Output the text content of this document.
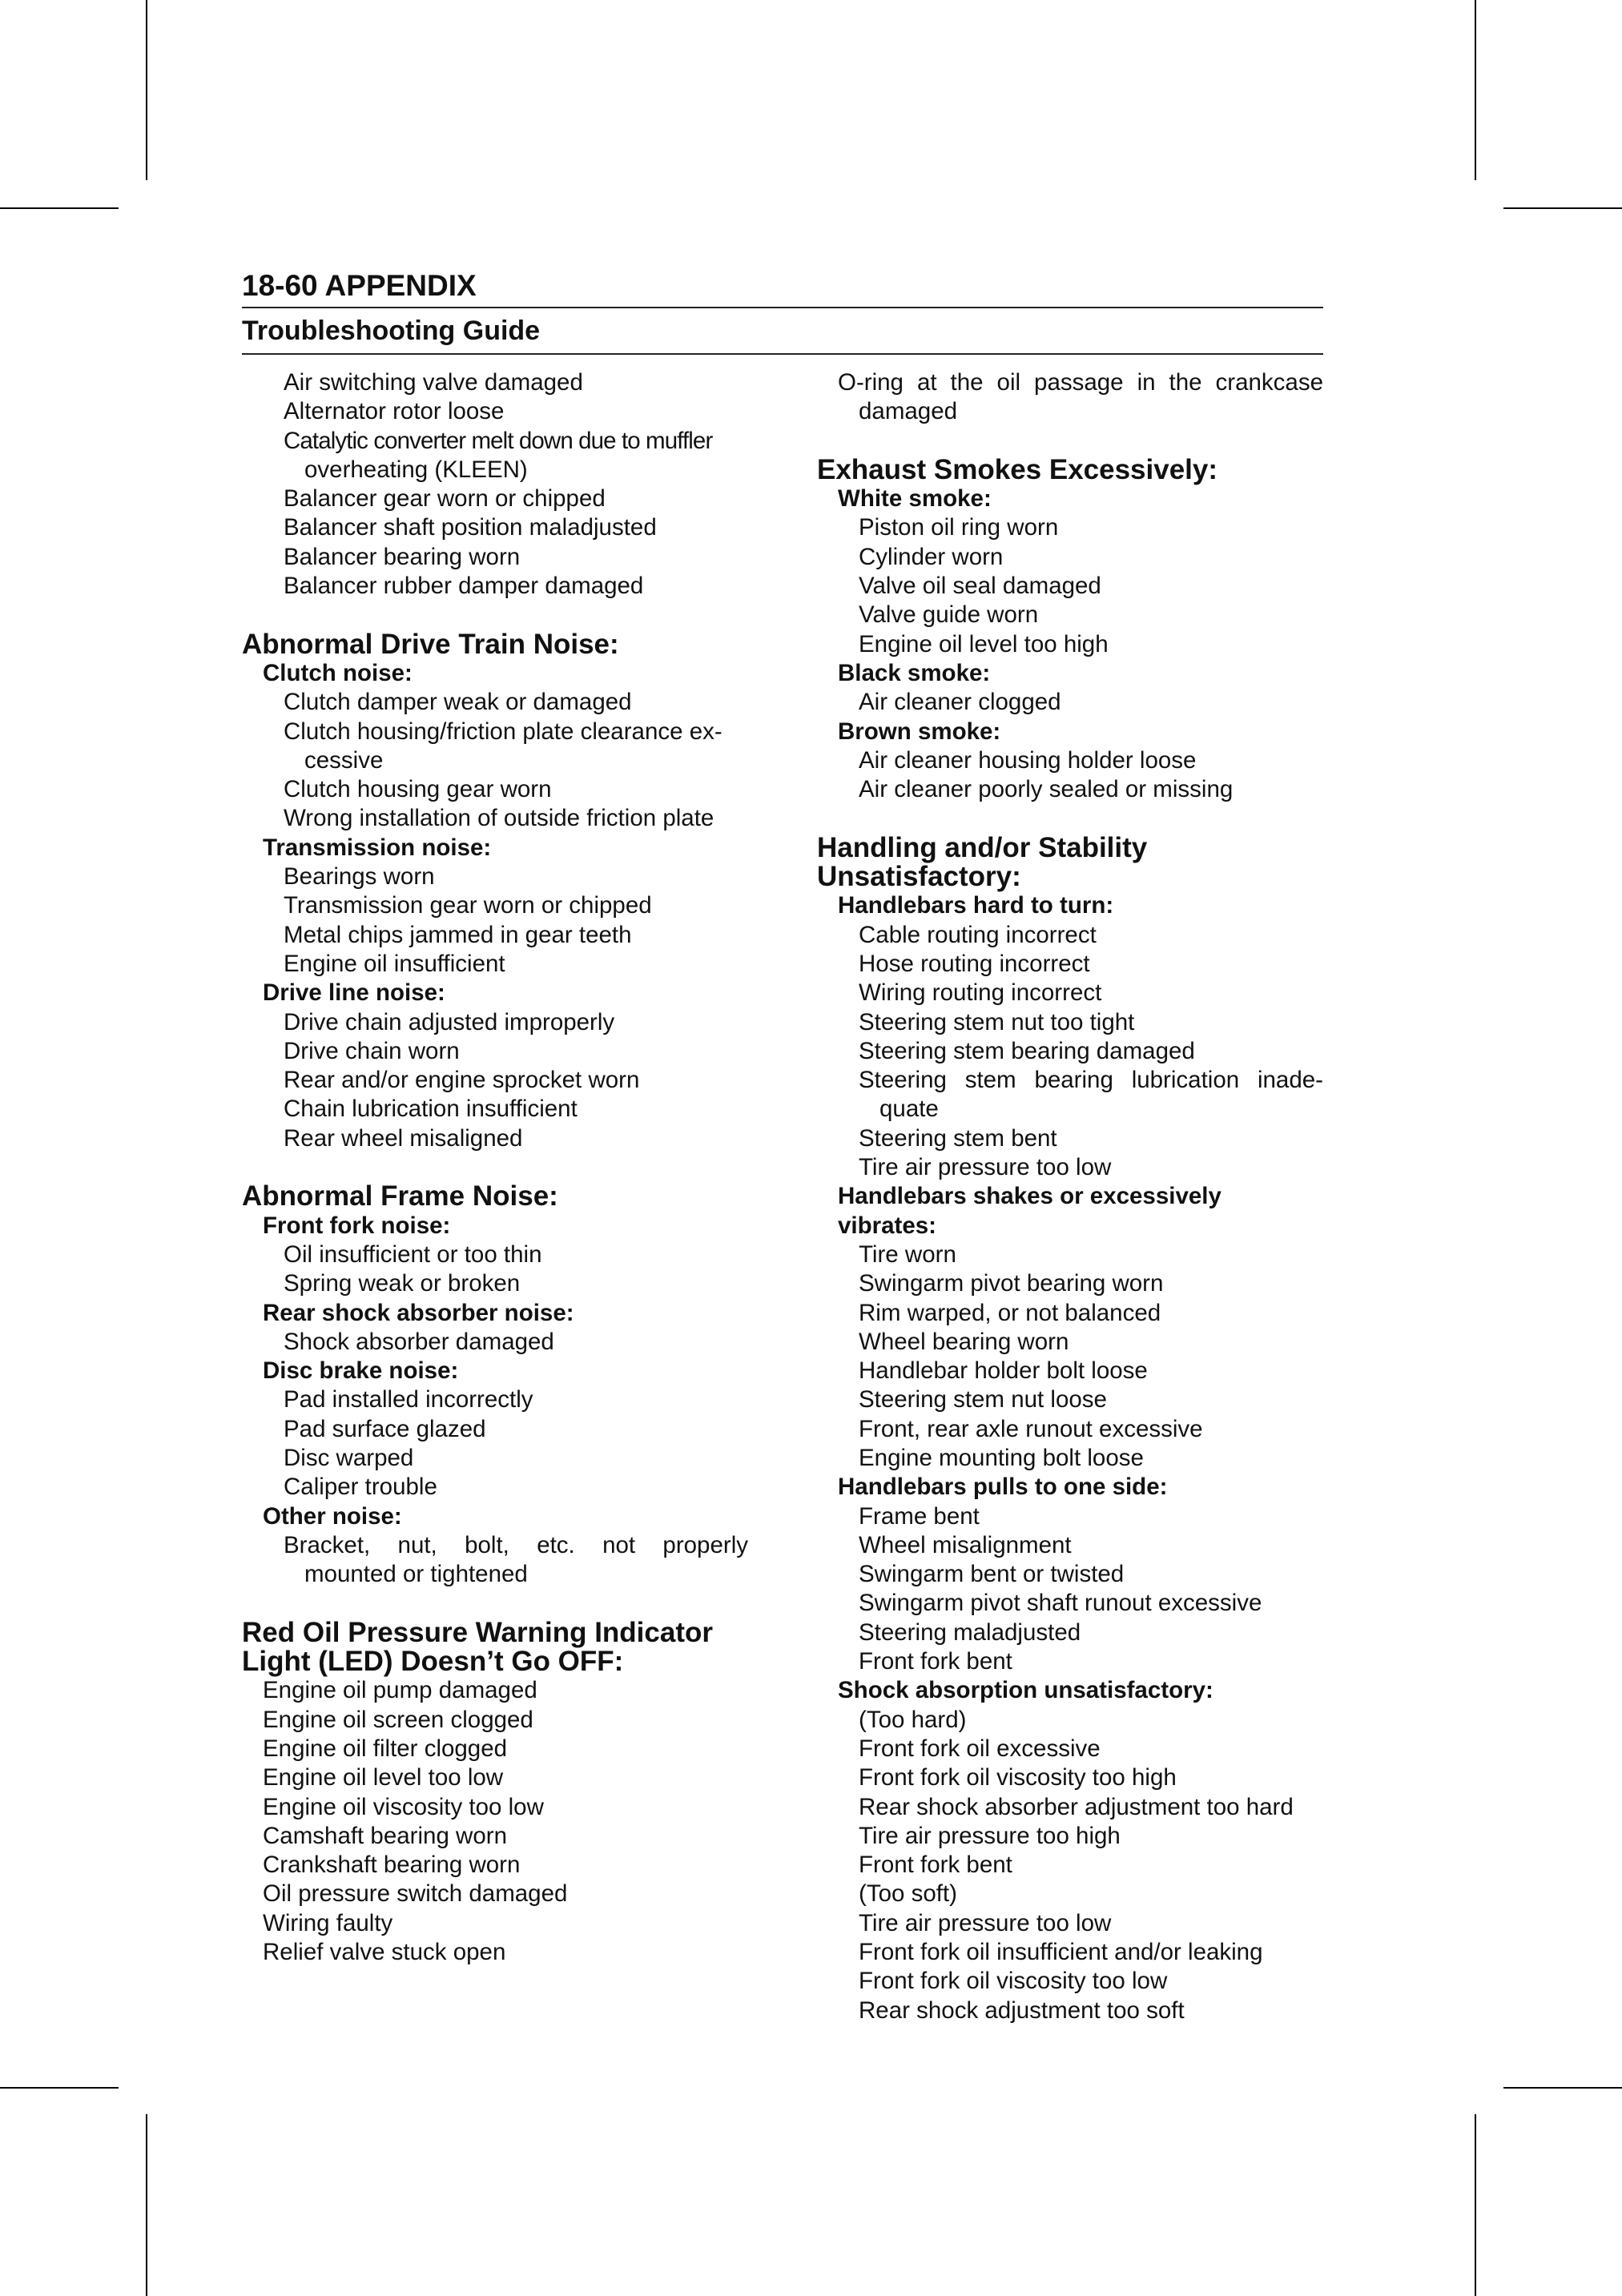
18-60 APPENDIX
Troubleshooting Guide
Air switching valve damaged
Alternator rotor loose
Catalytic converter melt down due to muffler
overheating (KLEEN)
Balancer gear worn or chipped
Balancer shaft position maladjusted
Balancer bearing worn
Balancer rubber damper damaged
Abnormal Drive Train Noise:
Clutch noise:
Clutch damper weak or damaged
Clutch housing/friction plate clearance ex-
cessive
Clutch housing gear worn
Wrong installation of outside friction plate
Transmission noise:
Bearings worn
Transmission gear worn or chipped
Metal chips jammed in gear teeth
Engine oil insufficient
Drive line noise:
Drive chain adjusted improperly
Drive chain worn
Rear and/or engine sprocket worn
Chain lubrication insufficient
Rear wheel misaligned
Abnormal Frame Noise:
Front fork noise:
Oil insufficient or too thin
Spring weak or broken
Rear shock absorber noise:
Shock absorber damaged
Disc brake noise:
Pad installed incorrectly
Pad surface glazed
Disc warped
Caliper trouble
Other noise:
Bracket, nut, bolt, etc. not properly
mounted or tightened
Red Oil Pressure Warning Indicator
Light (LED) Doesn’t Go OFF:
Engine oil pump damaged
Engine oil screen clogged
Engine oil filter clogged
Engine oil level too low
Engine oil viscosity too low
Camshaft bearing worn
Crankshaft bearing worn
Oil pressure switch damaged
Wiring faulty
Relief valve stuck open
O-ring at the oil passage in the crankcase
damaged
Exhaust Smokes Excessively:
White smoke:
Piston oil ring worn
Cylinder worn
Valve oil seal damaged
Valve guide worn
Engine oil level too high
Black smoke:
Air cleaner clogged
Brown smoke:
Air cleaner housing holder loose
Air cleaner poorly sealed or missing
Handling and/or Stability
Unsatisfactory:
Handlebars hard to turn:
Cable routing incorrect
Hose routing incorrect
Wiring routing incorrect
Steering stem nut too tight
Steering stem bearing damaged
Steering stem bearing lubrication inade-
quate
Steering stem bent
Tire air pressure too low
Handlebars shakes or excessively
vibrates:
Tire worn
Swingarm pivot bearing worn
Rim warped, or not balanced
Wheel bearing worn
Handlebar holder bolt loose
Steering stem nut loose
Front, rear axle runout excessive
Engine mounting bolt loose
Handlebars pulls to one side:
Frame bent
Wheel misalignment
Swingarm bent or twisted
Swingarm pivot shaft runout excessive
Steering maladjusted
Front fork bent
Shock absorption unsatisfactory:
(Too hard)
Front fork oil excessive
Front fork oil viscosity too high
Rear shock absorber adjustment too hard
Tire air pressure too high
Front fork bent
(Too soft)
Tire air pressure too low
Front fork oil insufficient and/or leaking
Front fork oil viscosity too low
Rear shock adjustment too soft
